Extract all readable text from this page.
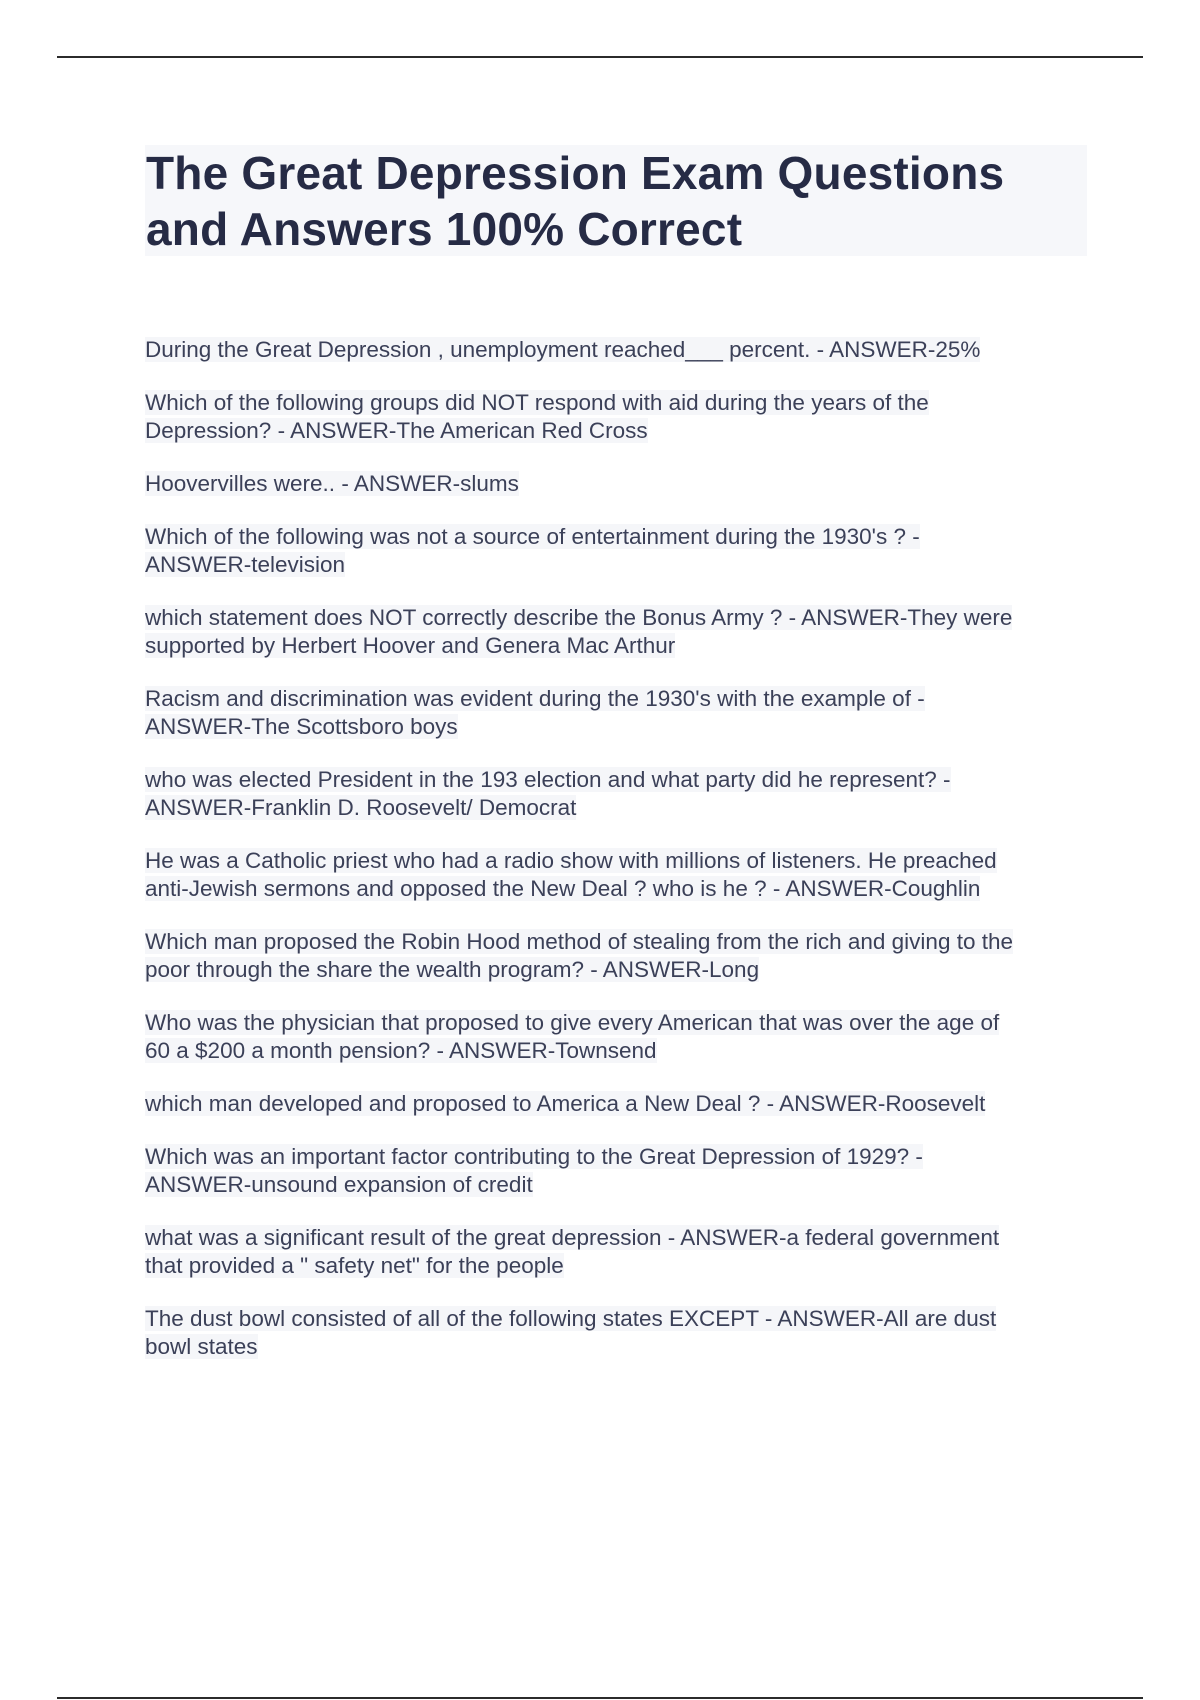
The Great Depression Exam Questions
and Answers 100% Correct

During the Great Depression , unemployment reached___ percent. - ANSWER-25%

Which of the following groups did NOT respond with aid during the years of the
Depression? - ANSWER-The American Red Cross

Hoovervilles were.. - ANSWER-slums

Which of the following was not a source of entertainment during the 1930's ? -
ANSWER-television

which statement does NOT correctly describe the Bonus Army ? - ANSWER-They were
supported by Herbert Hoover and Genera Mac Arthur

Racism and discrimination was evident during the 1930's with the example of -
ANSWER-The Scottsboro boys

who was elected President in the 193 election and what party did he represent? -
ANSWER-Franklin D. Roosevelt/ Democrat

He was a Catholic priest who had a radio show with millions of listeners. He preached
anti-Jewish sermons and opposed the New Deal ? who is he ? - ANSWER-Coughlin

Which man proposed the Robin Hood method of stealing from the rich and giving to the
poor through the share the wealth program? - ANSWER-Long

Who was the physician that proposed to give every American that was over the age of
60 a $200 a month pension? - ANSWER-Townsend

which man developed and proposed to America a New Deal ? - ANSWER-Roosevelt

Which was an important factor contributing to the Great Depression of 1929? -
ANSWER-unsound expansion of credit

what was a significant result of the great depression - ANSWER-a federal government
that provided a " safety net" for the people

The dust bowl consisted of all of the following states EXCEPT - ANSWER-All are dust
bowl states
